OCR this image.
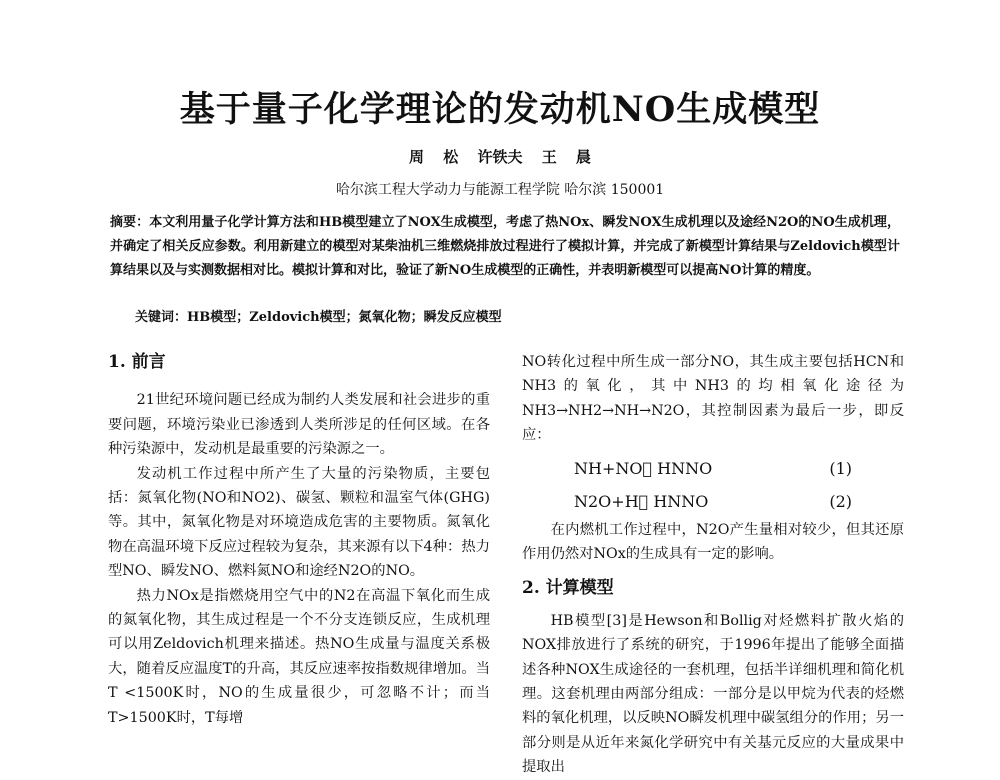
基于量子化学理论的发动机NO生成模型
周 松 许铁夫 王 晨
哈尔滨工程大学动力与能源工程学院 哈尔滨 150001
摘要：本文利用量子化学计算方法和HB模型建立了NOX生成模型，考虑了热NOx、瞬发NOX生成机理以及途经N2O的NO生成机理，并确定了相关反应参数。利用新建立的模型对某柴油机三维燃烧排放过程进行了模拟计算，并完成了新模型计算结果与Zeldovich模型计算结果以及与实测数据相对比。模拟计算和对比，验证了新NO生成模型的正确性，并表明新模型可以提高NO计算的精度。
关键词：HB模型；Zeldovich模型；氮氧化物；瞬发反应模型
1. 前言

21世纪环境问题已经成为制约人类发展和社会进步的重要问题，环境污染业已渗透到人类所涉足的任何区域。在各种污染源中，发动机是最重要的污染源之一。

发动机工作过程中所产生了大量的污染物质，主要包括：氮氧化物(NO和NO2)、碳氢、颗粒和温室气体(GHG)等。其中，氮氧化物是对环境造成危害的主要物质。氮氧化物在高温环境下反应过程较为复杂，其来源有以下4种：热力型NO、瞬发NO、燃料氮NO和途经N2O的NO。

热力NOx是指燃烧用空气中的N2在高温下氧化而生成的氮氧化物，其生成过程是一个不分支连锁反应，生成机理可以用Zeldovich机理来描述。热NO生成量与温度关系极大，随着反应温度T的升高，其反应速率按指数规律增加。当T <1500K时，NO的生成量很少，可忽略不计；而当T>1500K时，T每增

NO转化过程中所生成一部分NO，其生成主要包括HCN和NH3的氧化，其中NH3的均相氧化途径为NH3→NH2→NH→N2O，其控制因素为最后一步，即反应：

NH+NO⃞ HNNO	(1)
N2O+H⃞ HNNO	(2)

在内燃机工作过程中，N2O产生量相对较少，但其还原作用仍然对NOx的生成具有一定的影响。

2. 计算模型

HB模型[3]是Hewson和Bollig对烃燃料扩散火焰的NOX排放进行了系统的研究，于1996年提出了能够全面描述各种NOX生成途径的一套机理，包括半详细机理和简化机理。这套机理由两部分组成：一部分是以甲烷为代表的烃燃料的氧化机理，以反映NO瞬发机理中碳氢组分的作用；另一部分则是从近年来氮化学研究中有关基元反应的大量成果中提取出
